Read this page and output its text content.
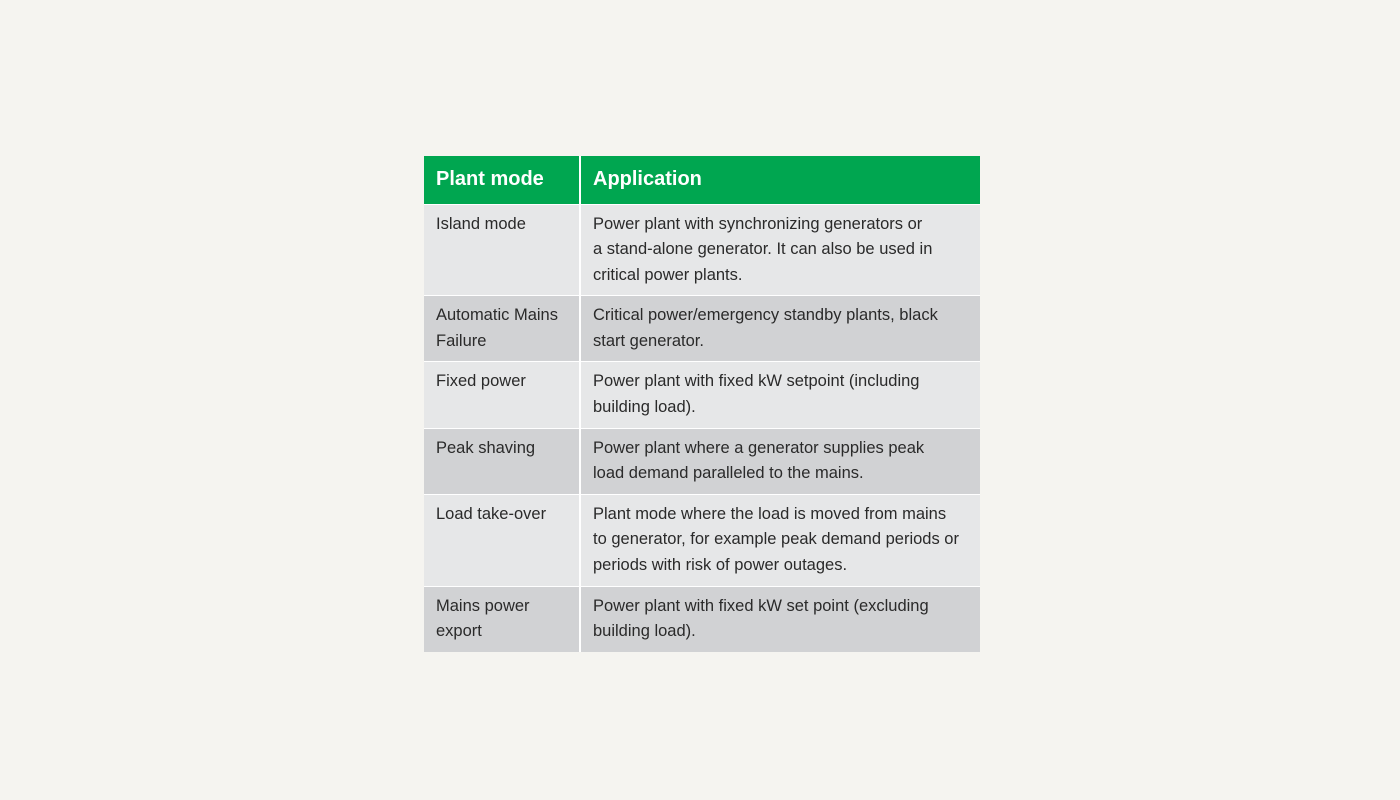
Plant mode	Application
Island mode	Power plant with synchronizing generators or
a stand-alone generator. It can also be used in
critical power plants.
Automatic Mains
Failure	Critical power/emergency standby plants, black
start generator.
Fixed power	Power plant with fixed kW setpoint (including
building load).
Peak shaving	Power plant where a generator supplies peak
load demand paralleled to the mains.
Load take-over	Plant mode where the load is moved from mains
to generator, for example peak demand periods or
periods with risk of power outages.
Mains power
export	Power plant with fixed kW set point (excluding
building load).
